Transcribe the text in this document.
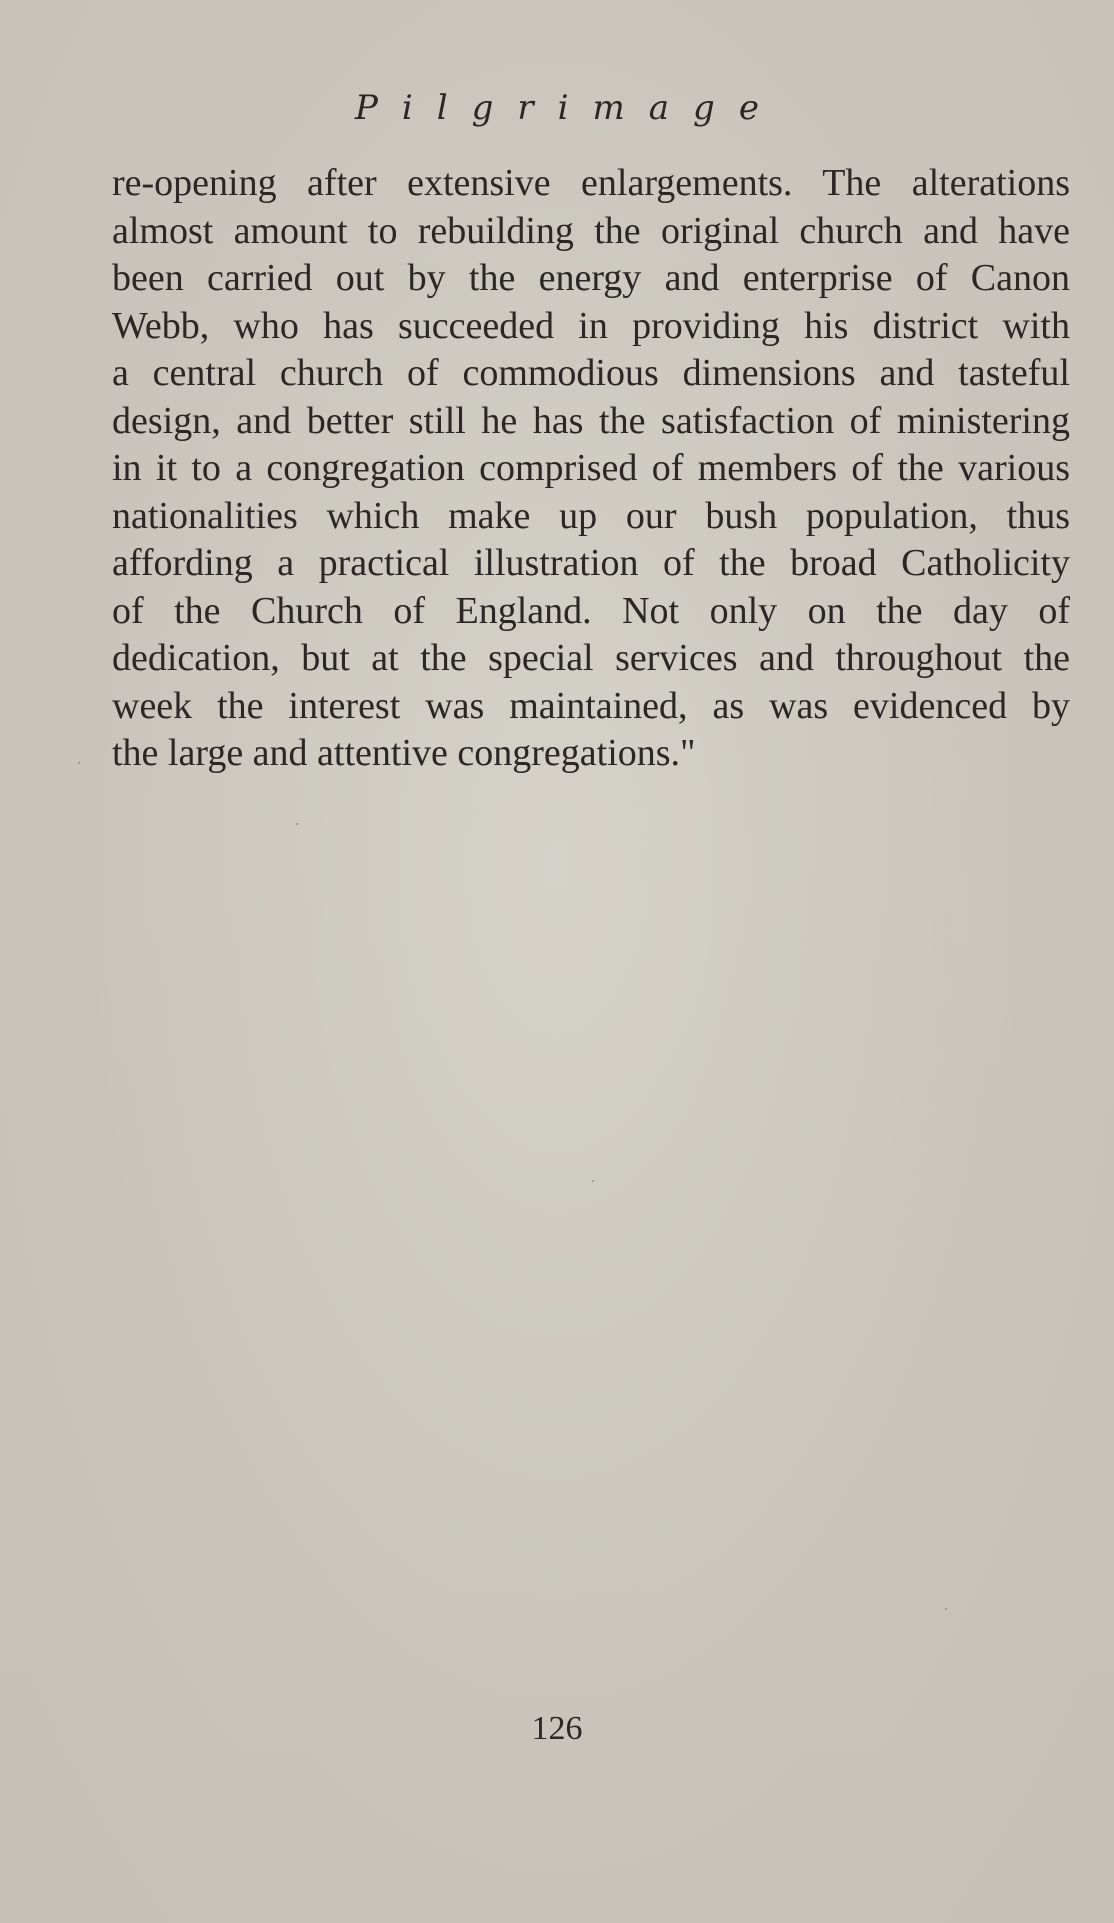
Pilgrimage
re-opening after extensive enlargements. The alterations
almost amount to rebuilding the original church and have
been carried out by the energy and enterprise of Canon
Webb, who has succeeded in providing his district with
a central church of commodious dimensions and tasteful
design, and better still he has the satisfaction of ministering
in it to a congregation comprised of members of the various
nationalities which make up our bush population, thus
affording a practical illustration of the broad Catholicity
of the Church of England. Not only on the day of
dedication, but at the special services and throughout the
week the interest was maintained, as was evidenced by
the large and attentive congregations."
126
